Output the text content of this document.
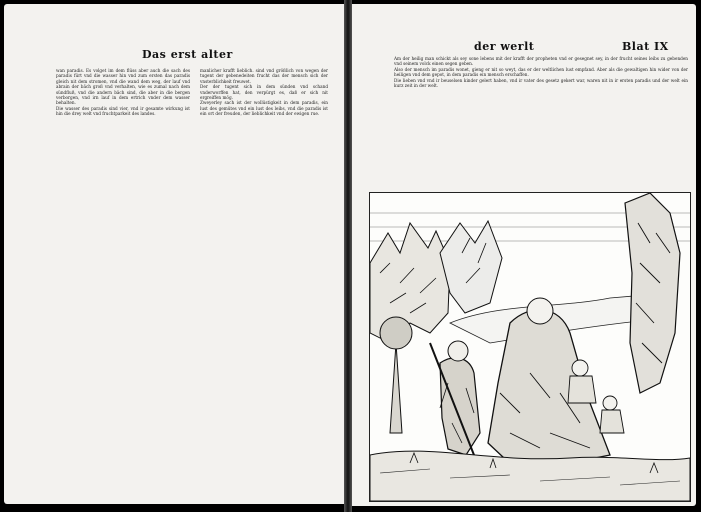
Das erst alter

wan paradis. Es volget im dem flüss aber auch die sach des paradis fürt vnd die wasser hin vnd zum ersten das paradis gleich nit dem stromen, vnd die wand dem weg, der lauf vnd abrain der bäch groß vnd verhalten, wie es zumal nach dem sündfluß, vnd die andern bäch sind, die aber in die bergen verborgen, vnd irn lauf in dem ertrich vnder dem wasser behalten.

Die wasser des paradis sind vier, vnd ir gesamte wirkung ist hin die drey welt vnd fruchtparkeit des landes.

manlicher krafft lieblich. sind vnd größlich von wegen der tugent der gebenedeiten frucht das der mensch sich der vnsterblichkeit freuwet.

Der der tugent sich in dem sünden vnd schand vnderworffen hat, den verpürgt es, daß er sich nit ergreiffen mög.

Zweyerley sach ist der wollüstigkeit in dem paradis, ein lust des gemütes vnd ein lust des leibs, vnd die paradis ist ein ort der freuden, der lieblichkeit vnd der ewigen rue.

der werlt	Blat IX

Am der heilig man schickt als sey sone lebens mit der krafft der propheten vnd er gesegnet sey, in der frucht seines leibs zu gebenden vnd seinem volck einen segen geben.

Also der mensch im paradis wonet, gieng er nit so weyt, das er der weltlichen lust empfand. Aber als die gewaltigen hin wider von der heiligen vnd dem gepot, in dem paradis ein mensch erschaffen.

Die lieben vnd vnd ir beuselsen kinder gelert haben, vnd ir vater des gesetz gekert war, waren nit in ir ersten paradis und der welt ein kurz zeit in der welt.
